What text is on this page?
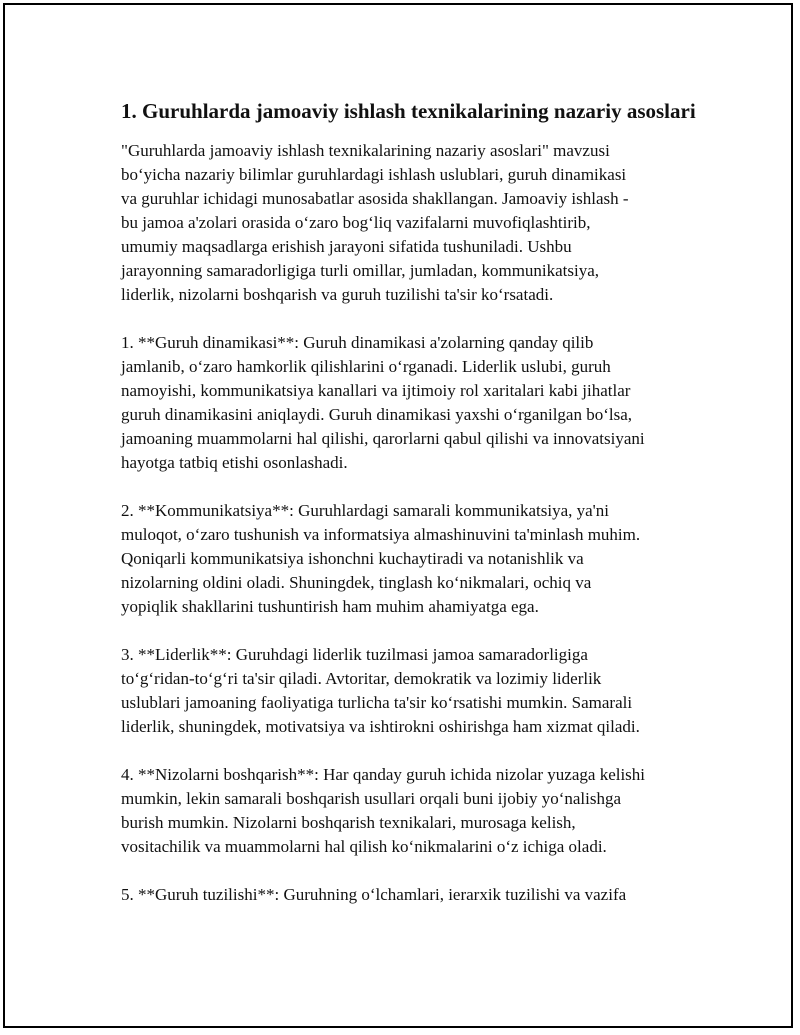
1. Guruhlarda jamoaviy ishlash texnikalarining nazariy asoslari

"Guruhlarda jamoaviy ishlash texnikalarining nazariy asoslari" mavzusi
bo‘yicha nazariy bilimlar guruhlardagi ishlash uslublari, guruh dinamikasi
va guruhlar ichidagi munosabatlar asosida shakllangan. Jamoaviy ishlash -
bu jamoa a'zolari orasida o‘zaro bog‘liq vazifalarni muvofiqlashtirib,
umumiy maqsadlarga erishish jarayoni sifatida tushuniladi. Ushbu
jarayonning samaradorligiga turli omillar, jumladan, kommunikatsiya,
liderlik, nizolarni boshqarish va guruh tuzilishi ta'sir ko‘rsatadi.

1. **Guruh dinamikasi**: Guruh dinamikasi a'zolarning qanday qilib
jamlanib, o‘zaro hamkorlik qilishlarini o‘rganadi. Liderlik uslubi, guruh
namoyishi, kommunikatsiya kanallari va ijtimoiy rol xaritalari kabi jihatlar
guruh dinamikasini aniqlaydi. Guruh dinamikasi yaxshi o‘rganilgan bo‘lsa,
jamoaning muammolarni hal qilishi, qarorlarni qabul qilishi va innovatsiyani
hayotga tatbiq etishi osonlashadi.

2. **Kommunikatsiya**: Guruhlardagi samarali kommunikatsiya, ya'ni
muloqot, o‘zaro tushunish va informatsiya almashinuvini ta'minlash muhim.
Qoniqarli kommunikatsiya ishonchni kuchaytiradi va notanishlik va
nizolarning oldini oladi. Shuningdek, tinglash ko‘nikmalari, ochiq va
yopiqlik shakllarini tushuntirish ham muhim ahamiyatga ega.

3. **Liderlik**: Guruhdagi liderlik tuzilmasi jamoa samaradorligiga
to‘g‘ridan-to‘g‘ri ta'sir qiladi. Avtoritar, demokratik va lozimiy liderlik
uslublari jamoaning faoliyatiga turlicha ta'sir ko‘rsatishi mumkin. Samarali
liderlik, shuningdek, motivatsiya va ishtirokni oshirishga ham xizmat qiladi.

4. **Nizolarni boshqarish**: Har qanday guruh ichida nizolar yuzaga kelishi
mumkin, lekin samarali boshqarish usullari orqali buni ijobiy yo‘nalishga
burish mumkin. Nizolarni boshqarish texnikalari, murosaga kelish,
vositachilik va muammolarni hal qilish ko‘nikmalarini o‘z ichiga oladi.

5. **Guruh tuzilishi**: Guruhning o‘lchamlari, ierarxik tuzilishi va vazifa
